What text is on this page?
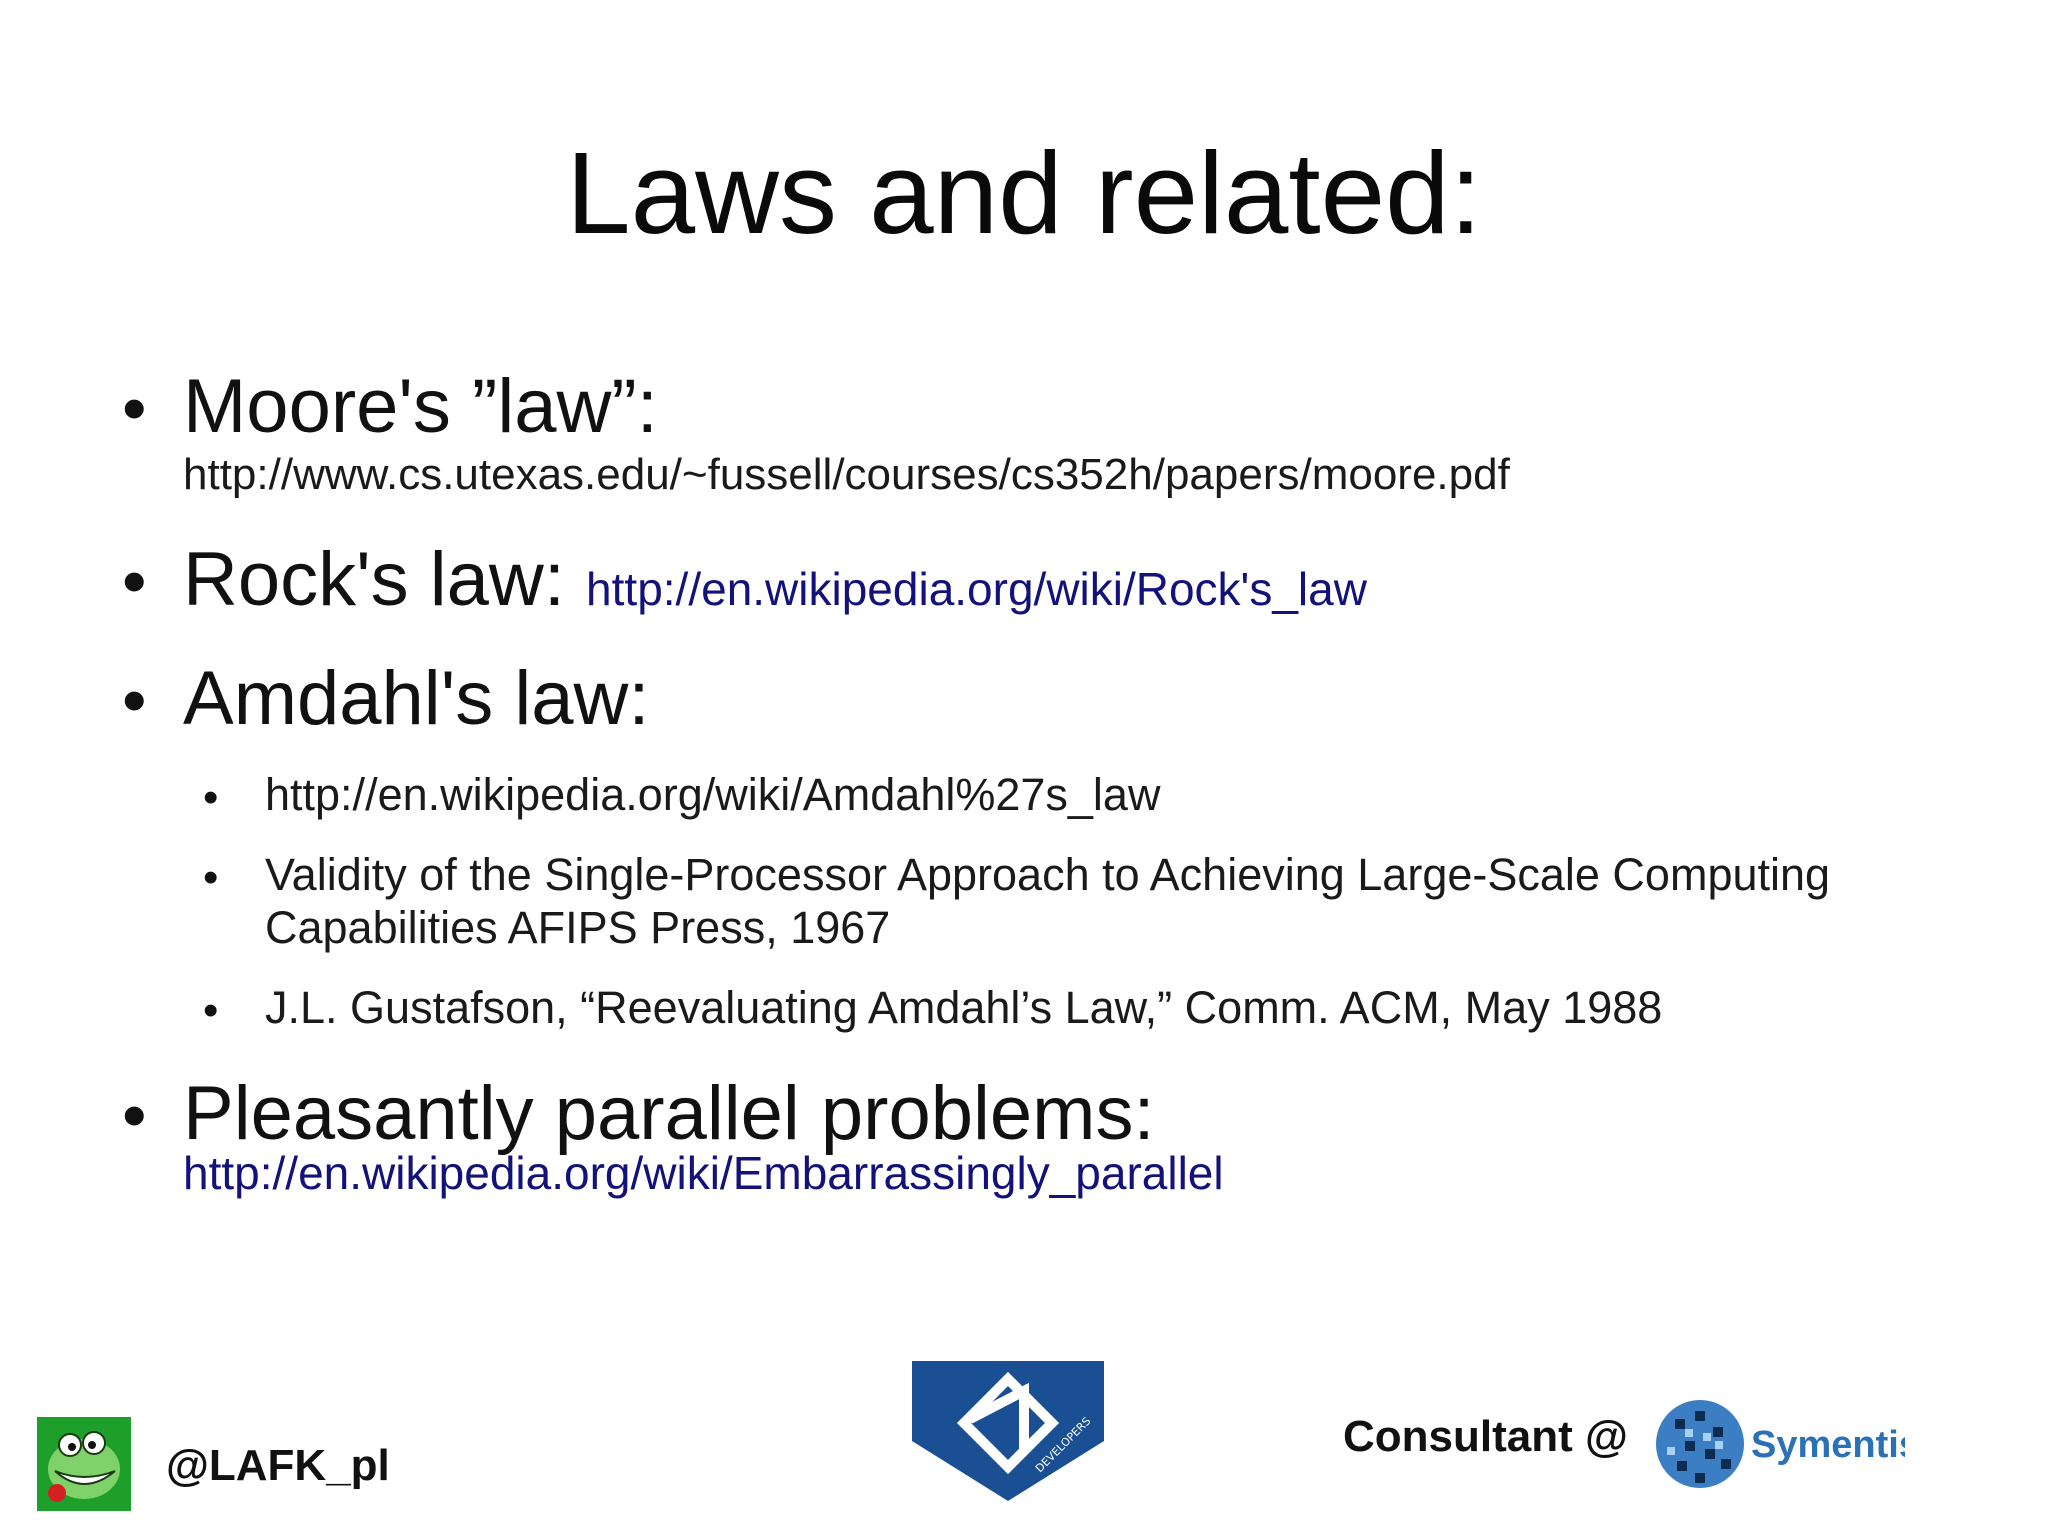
Laws and related:
• Moore's ”law”:
http://www.cs.utexas.edu/~fussell/courses/cs352h/papers/moore.pdf
• Rock's law: http://en.wikipedia.org/wiki/Rock's_law
• Amdahl's law:
• http://en.wikipedia.org/wiki/Amdahl%27s_law
• Validity of the Single-Processor Approach to Achieving Large-Scale Computing Capabilities AFIPS Press, 1967
• J.L. Gustafson, “Reevaluating Amdahl’s Law,” Comm. ACM, May 1988
• Pleasantly parallel problems:
http://en.wikipedia.org/wiki/Embarrassingly_parallel
@LAFK_pl	DEVELOPERS	Consultant @	Symentis
